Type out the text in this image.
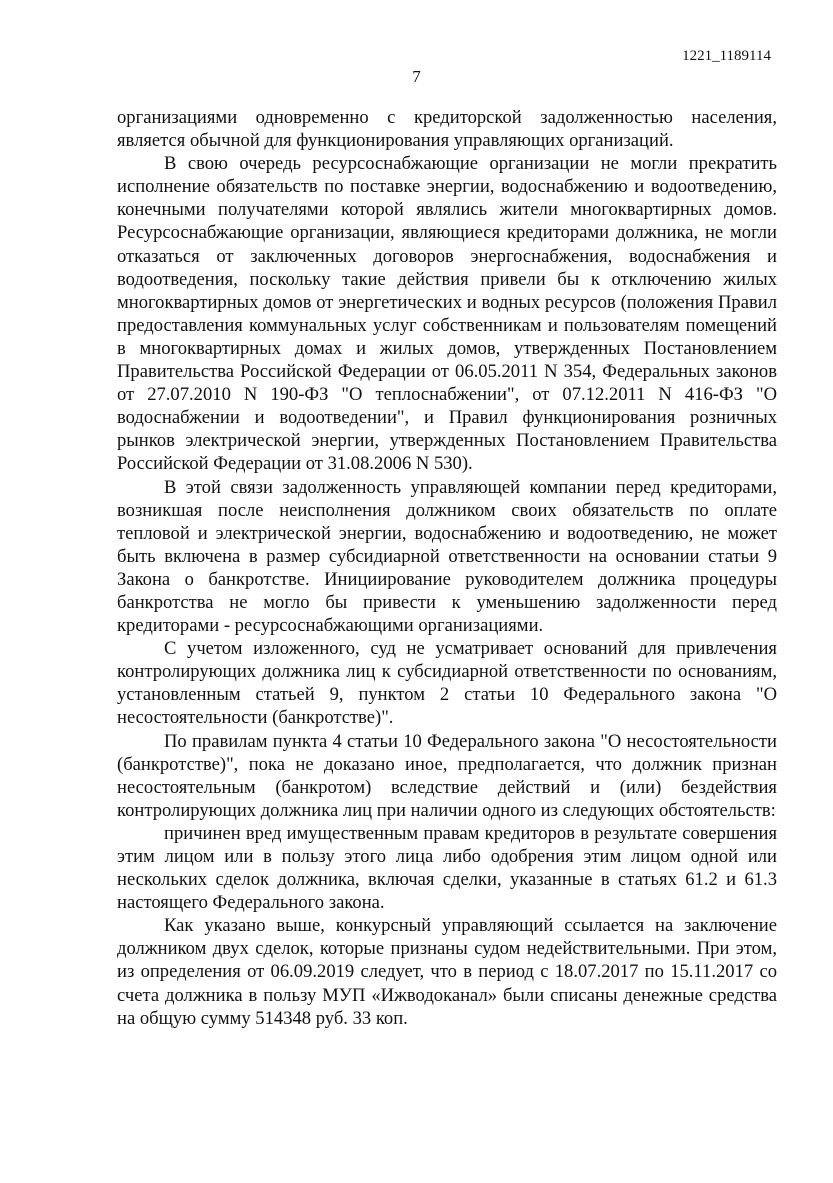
1221_1189114
7

организациями одновременно с кредиторской задолженностью населения, является обычной для функционирования управляющих организаций.

В свою очередь ресурсоснабжающие организации не могли прекратить исполнение обязательств по поставке энергии, водоснабжению и водоотведению, конечными получателями которой являлись жители многоквартирных домов. Ресурсоснабжающие организации, являющиеся кредиторами должника, не могли отказаться от заключенных договоров энергоснабжения, водоснабжения и водоотведения, поскольку такие действия привели бы к отключению жилых многоквартирных домов от энергетических и водных ресурсов (положения Правил предоставления коммунальных услуг собственникам и пользователям помещений в многоквартирных домах и жилых домов, утвержденных Постановлением Правительства Российской Федерации от 06.05.2011 N 354, Федеральных законов от 27.07.2010 N 190-ФЗ "О теплоснабжении", от 07.12.2011 N 416-ФЗ "О водоснабжении и водоотведении", и Правил функционирования розничных рынков электрической энергии, утвержденных Постановлением Правительства Российской Федерации от 31.08.2006 N 530).

В этой связи задолженность управляющей компании перед кредиторами, возникшая после неисполнения должником своих обязательств по оплате тепловой и электрической энергии, водоснабжению и водоотведению, не может быть включена в размер субсидиарной ответственности на основании статьи 9 Закона о банкротстве. Инициирование руководителем должника процедуры банкротства не могло бы привести к уменьшению задолженности перед кредиторами - ресурсоснабжающими организациями.

С учетом изложенного, суд не усматривает оснований для привлечения контролирующих должника лиц к субсидиарной ответственности по основаниям, установленным статьей 9, пунктом 2 статьи 10 Федерального закона "О несостоятельности (банкротстве)".

По правилам пункта 4 статьи 10 Федерального закона "О несостоятельности (банкротстве)", пока не доказано иное, предполагается, что должник признан несостоятельным (банкротом) вследствие действий и (или) бездействия контролирующих должника лиц при наличии одного из следующих обстоятельств:

причинен вред имущественным правам кредиторов в результате совершения этим лицом или в пользу этого лица либо одобрения этим лицом одной или нескольких сделок должника, включая сделки, указанные в статьях 61.2 и 61.3 настоящего Федерального закона.

Как указано выше, конкурсный управляющий ссылается на заключение должником двух сделок, которые признаны судом недействительными. При этом, из определения от 06.09.2019 следует, что в период с 18.07.2017 по 15.11.2017 со счета должника в пользу МУП «Ижводоканал» были списаны денежные средства на общую сумму 514348 руб. 33 коп.
